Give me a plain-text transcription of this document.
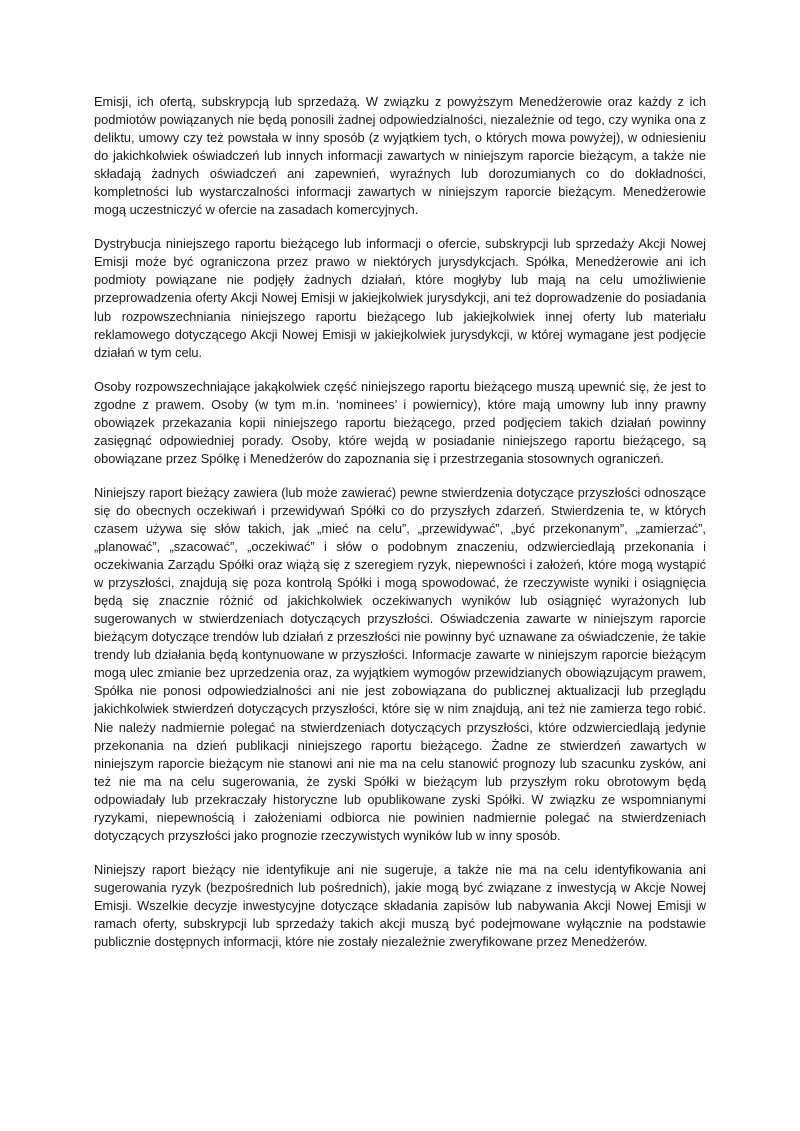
Emisji, ich ofertą, subskrypcją lub sprzedażą. W związku z powyższym Menedżerowie oraz każdy z ich podmiotów powiązanych nie będą ponosili żadnej odpowiedzialności, niezależnie od tego, czy wynika ona z deliktu, umowy czy też powstała w inny sposób (z wyjątkiem tych, o których mowa powyżej), w odniesieniu do jakichkolwiek oświadczeń lub innych informacji zawartych w niniejszym raporcie bieżącym, a także nie składają żadnych oświadczeń ani zapewnień, wyraźnych lub dorozumianych co do dokładności, kompletności lub wystarczalności informacji zawartych w niniejszym raporcie bieżącym. Menedżerowie mogą uczestniczyć w ofercie na zasadach komercyjnych.

Dystrybucja niniejszego raportu bieżącego lub informacji o ofercie, subskrypcji lub sprzedaży Akcji Nowej Emisji może być ograniczona przez prawo w niektórych jurysdykcjach. Spółka, Menedżerowie ani ich podmioty powiązane nie podjęły żadnych działań, które mogłyby lub mają na celu umożliwienie przeprowadzenia oferty Akcji Nowej Emisji w jakiejkolwiek jurysdykcji, ani też doprowadzenie do posiadania lub rozpowszechniania niniejszego raportu bieżącego lub jakiejkolwiek innej oferty lub materiału reklamowego dotyczącego Akcji Nowej Emisji w jakiejkolwiek jurysdykcji, w której wymagane jest podjęcie działań w tym celu.

Osoby rozpowszechniające jakąkolwiek część niniejszego raportu bieżącego muszą upewnić się, że jest to zgodne z prawem. Osoby (w tym m.in. ‘nominees’ i powiernicy), które mają umowny lub inny prawny obowiązek przekazania kopii niniejszego raportu bieżącego, przed podjęciem takich działań powinny zasięgnąć odpowiedniej porady. Osoby, które wejdą w posiadanie niniejszego raportu bieżącego, są obowiązane przez Spółkę i Menedżerów do zapoznania się i przestrzegania stosownych ograniczeń.

Niniejszy raport bieżący zawiera (lub może zawierać) pewne stwierdzenia dotyczące przyszłości odnoszące się do obecnych oczekiwań i przewidywań Spółki co do przyszłych zdarzeń. Stwierdzenia te, w których czasem używa się słów takich, jak „mieć na celu”, „przewidywać”, „być przekonanym”, „zamierzać”, „planować”, „szacować”, „oczekiwać” i słów o podobnym znaczeniu, odzwierciedlają przekonania i oczekiwania Zarządu Spółki oraz wiążą się z szeregiem ryzyk, niepewności i założeń, które mogą wystąpić w przyszłości, znajdują się poza kontrolą Spółki i mogą spowodować, że rzeczywiste wyniki i osiągnięcia będą się znacznie różnić od jakichkolwiek oczekiwanych wyników lub osiągnięć wyrażonych lub sugerowanych w stwierdzeniach dotyczących przyszłości. Oświadczenia zawarte w niniejszym raporcie bieżącym dotyczące trendów lub działań z przeszłości nie powinny być uznawane za oświadczenie, że takie trendy lub działania będą kontynuowane w przyszłości. Informacje zawarte w niniejszym raporcie bieżącym mogą ulec zmianie bez uprzedzenia oraz, za wyjątkiem wymogów przewidzianych obowiązującym prawem, Spółka nie ponosi odpowiedzialności ani nie jest zobowiązana do publicznej aktualizacji lub przeglądu jakichkolwiek stwierdzeń dotyczących przyszłości, które się w nim znajdują, ani też nie zamierza tego robić. Nie należy nadmiernie polegać na stwierdzeniach dotyczących przyszłości, które odzwierciedlają jedynie przekonania na dzień publikacji niniejszego raportu bieżącego. Żadne ze stwierdzeń zawartych w niniejszym raporcie bieżącym nie stanowi ani nie ma na celu stanowić prognozy lub szacunku zysków, ani też nie ma na celu sugerowania, że zyski Spółki w bieżącym lub przyszłym roku obrotowym będą odpowiadały lub przekraczały historyczne lub opublikowane zyski Spółki. W związku ze wspomnianymi ryzykami, niepewnością i założeniami odbiorca nie powinien nadmiernie polegać na stwierdzeniach dotyczących przyszłości jako prognozie rzeczywistych wyników lub w inny sposób.

Niniejszy raport bieżący nie identyfikuje ani nie sugeruje, a także nie ma na celu identyfikowania ani sugerowania ryzyk (bezpośrednich lub pośrednich), jakie mogą być związane z inwestycją w Akcje Nowej Emisji. Wszelkie decyzje inwestycyjne dotyczące składania zapisów lub nabywania Akcji Nowej Emisji w ramach oferty, subskrypcji lub sprzedaży takich akcji muszą być podejmowane wyłącznie na podstawie publicznie dostępnych informacji, które nie zostały niezależnie zweryfikowane przez Menedżerów.
